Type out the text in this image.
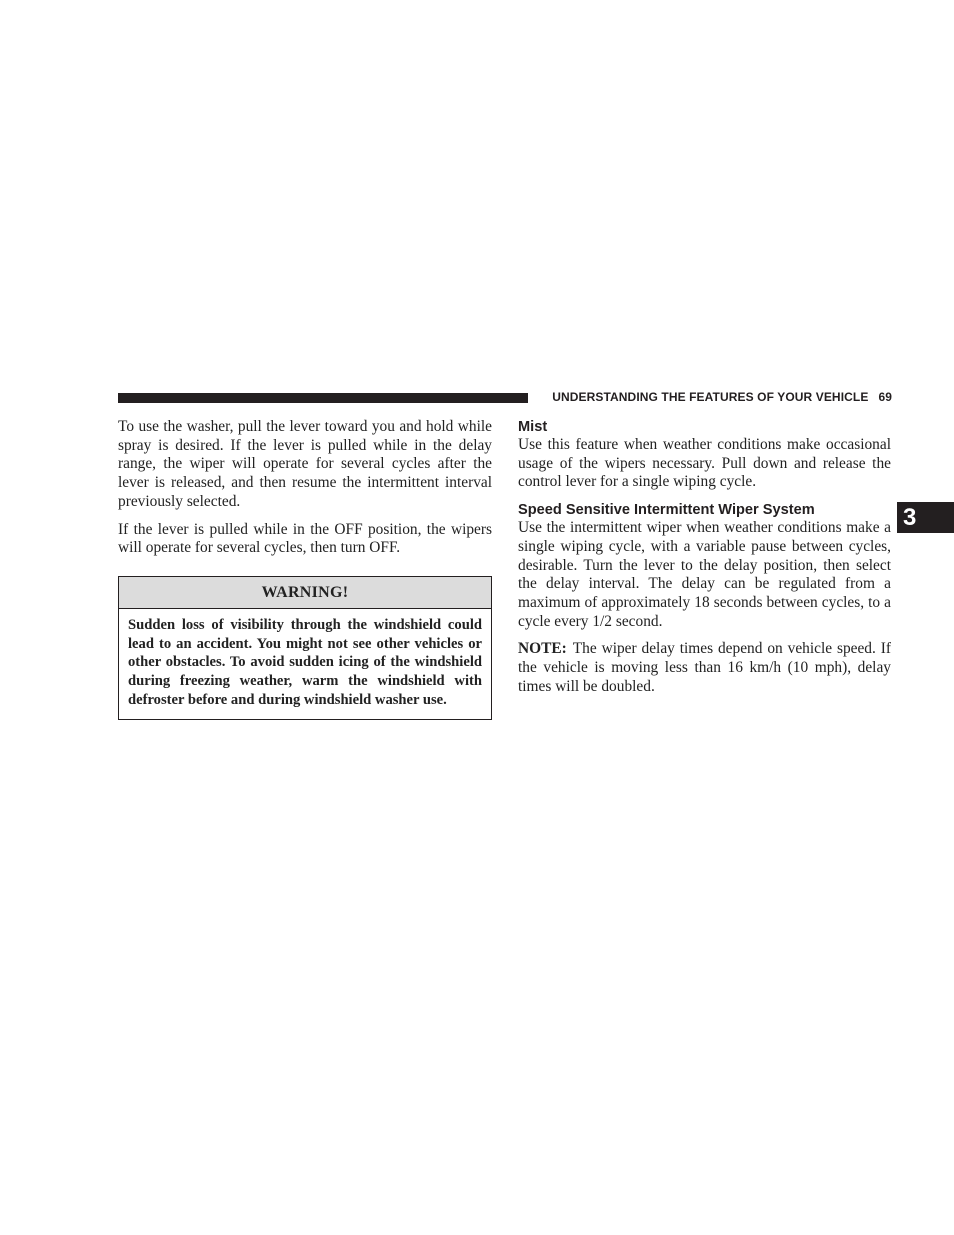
UNDERSTANDING THE FEATURES OF YOUR VEHICLE 69
3

To use the washer, pull the lever toward you and hold while spray is desired. If the lever is pulled while in the delay range, the wiper will operate for several cycles after the lever is released, and then resume the intermittent interval previously selected.

If the lever is pulled while in the OFF position, the wipers will operate for several cycles, then turn OFF.

WARNING!
Sudden loss of visibility through the windshield could lead to an accident. You might not see other vehicles or other obstacles. To avoid sudden icing of the windshield during freezing weather, warm the windshield with defroster before and during windshield washer use.
Mist

Use this feature when weather conditions make occasional usage of the wipers necessary. Pull down and release the control lever for a single wiping cycle.

Speed Sensitive Intermittent Wiper System

Use the intermittent wiper when weather conditions make a single wiping cycle, with a variable pause between cycles, desirable. Turn the lever to the delay position, then select the delay interval. The delay can be regulated from a maximum of approximately 18 seconds between cycles, to a cycle every 1/2 second.

NOTE: The wiper delay times depend on vehicle speed. If the vehicle is moving less than 16 km/h (10 mph), delay times will be doubled.
